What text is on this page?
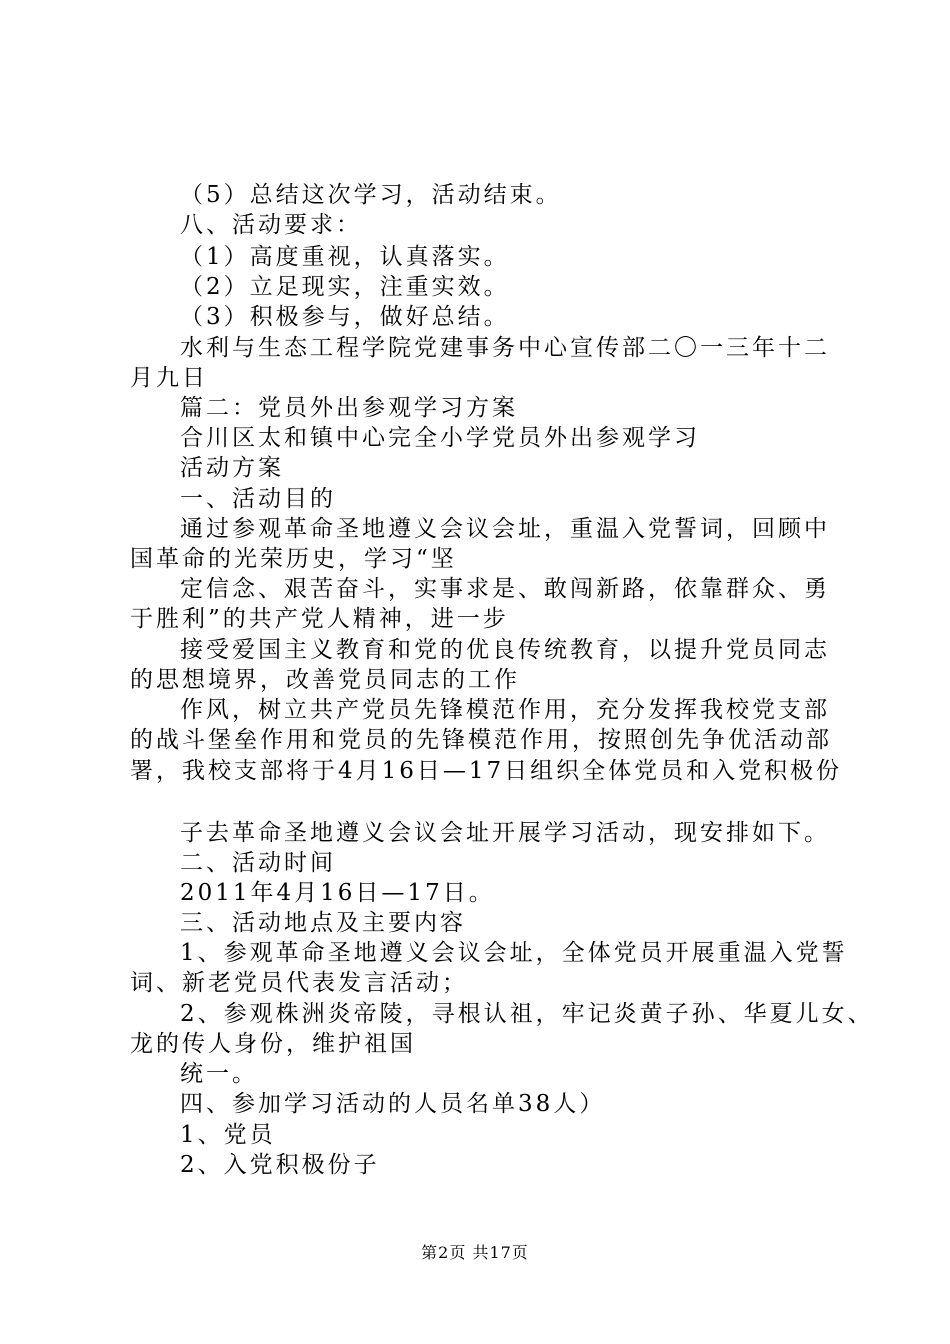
（5）总结这次学习，活动结束。
八、活动要求：
（1）高度重视，认真落实。
（2）立足现实，注重实效。
（3）积极参与，做好总结。
水利与生态工程学院党建事务中心宣传部二〇一三年十二
月九日
篇二：党员外出参观学习方案
合川区太和镇中心完全小学党员外出参观学习
活动方案
一、活动目的
通过参观革命圣地遵义会议会址，重温入党誓词，回顾中
国革命的光荣历史，学习“坚
定信念、艰苦奋斗，实事求是、敢闯新路，依靠群众、勇
于胜利”的共产党人精神，进一步
接受爱国主义教育和党的优良传统教育，以提升党员同志
的思想境界，改善党员同志的工作
作风，树立共产党员先锋模范作用，充分发挥我校党支部
的战斗堡垒作用和党员的先锋模范作用，按照创先争优活动部
署，我校支部将于4月16日—17日组织全体党员和入党积极份
子去革命圣地遵义会议会址开展学习活动，现安排如下。
二、活动时间
2011年4月16日—17日。
三、活动地点及主要内容
1、参观革命圣地遵义会议会址，全体党员开展重温入党誓
词、新老党员代表发言活动；
2、参观株洲炎帝陵，寻根认祖，牢记炎黄子孙、华夏儿女、
龙的传人身份，维护祖国
统一。
四、参加学习活动的人员名单38人）
1、党员
2、入党积极份子
第2页 共17页
